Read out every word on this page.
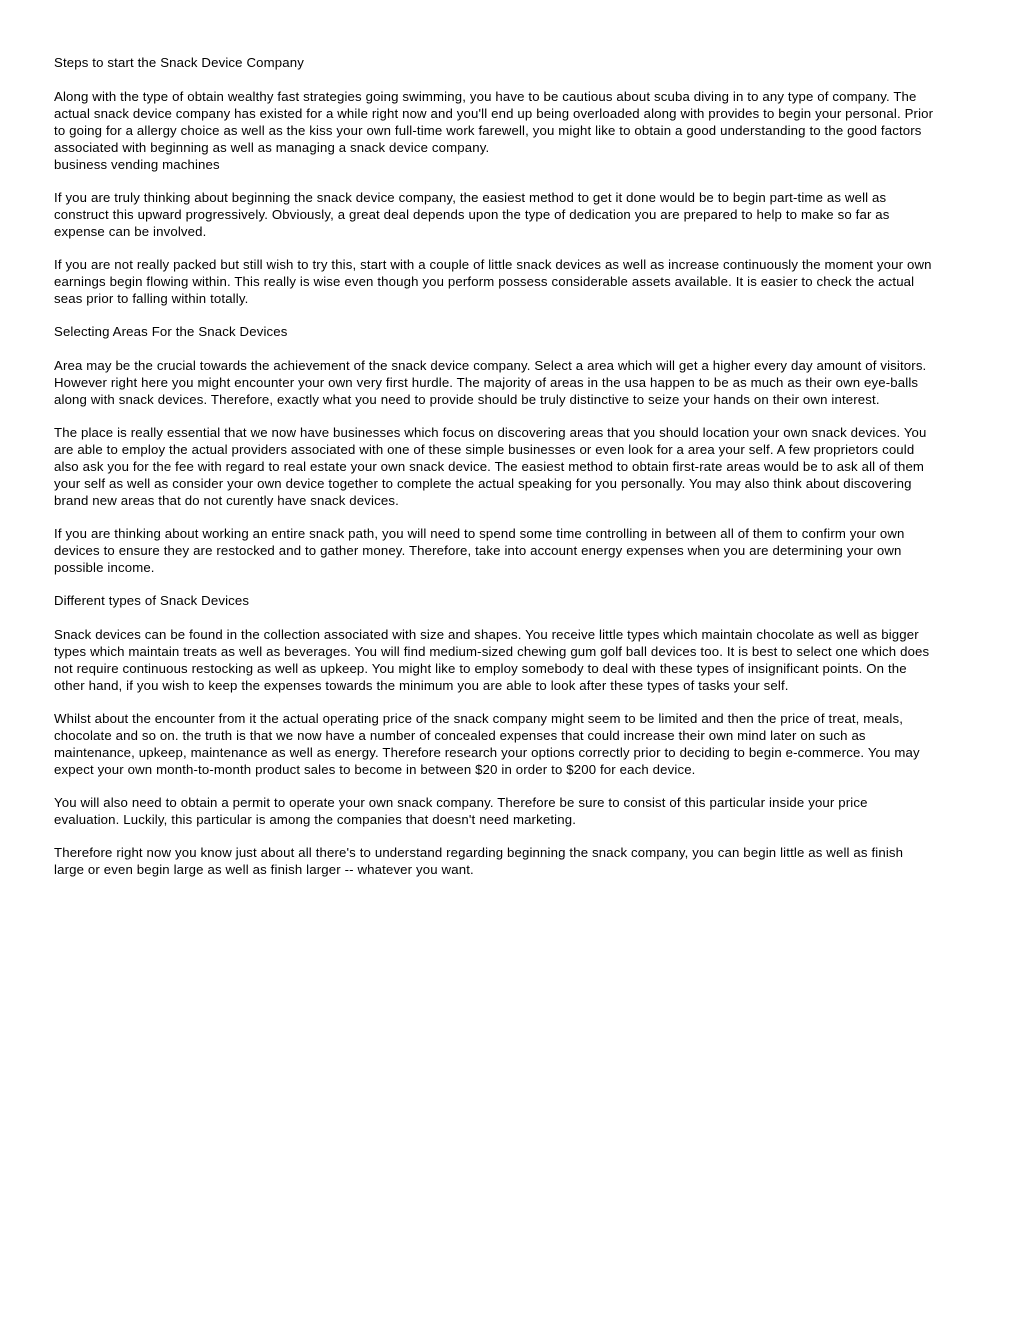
Steps to start the Snack Device Company

Along with the type of obtain wealthy fast strategies going swimming, you have to be cautious about scuba diving in to any type of company. The actual snack device company has existed for a while right now and you'll end up being overloaded along with provides to begin your personal. Prior to going for a allergy choice as well as the kiss your own full-time work farewell, you might like to obtain a good understanding to the good factors associated with beginning as well as managing a snack device company.
business vending machines

If you are truly thinking about beginning the snack device company, the easiest method to get it done would be to begin part-time as well as construct this upward progressively. Obviously, a great deal depends upon the type of dedication you are prepared to help to make so far as expense can be involved.

If you are not really packed but still wish to try this, start with a couple of little snack devices as well as increase continuously the moment your own earnings begin flowing within. This really is wise even though you perform possess considerable assets available. It is easier to check the actual seas prior to falling within totally.

Selecting Areas For the Snack Devices

Area may be the crucial towards the achievement of the snack device company. Select a area which will get a higher every day amount of visitors. However right here you might encounter your own very first hurdle. The majority of areas in the usa happen to be as much as their own eye-balls along with snack devices. Therefore, exactly what you need to provide should be truly distinctive to seize your hands on their own interest.

The place is really essential that we now have businesses which focus on discovering areas that you should location your own snack devices. You are able to employ the actual providers associated with one of these simple businesses or even look for a area your self. A few proprietors could also ask you for the fee with regard to real estate your own snack device. The easiest method to obtain first-rate areas would be to ask all of them your self as well as consider your own device together to complete the actual speaking for you personally. You may also think about discovering brand new areas that do not curently have snack devices.

If you are thinking about working an entire snack path, you will need to spend some time controlling in between all of them to confirm your own devices to ensure they are restocked and to gather money. Therefore, take into account energy expenses when you are determining your own possible income.

Different types of Snack Devices

Snack devices can be found in the collection associated with size and shapes. You receive little types which maintain chocolate as well as bigger types which maintain treats as well as beverages. You will find medium-sized chewing gum golf ball devices too. It is best to select one which does not require continuous restocking as well as upkeep. You might like to employ somebody to deal with these types of insignificant points. On the other hand, if you wish to keep the expenses towards the minimum you are able to look after these types of tasks your self.

Whilst about the encounter from it the actual operating price of the snack company might seem to be limited and then the price of treat, meals, chocolate and so on. the truth is that we now have a number of concealed expenses that could increase their own mind later on such as maintenance, upkeep, maintenance as well as energy. Therefore research your options correctly prior to deciding to begin e-commerce. You may expect your own month-to-month product sales to become in between $20 in order to $200 for each device.

You will also need to obtain a permit to operate your own snack company. Therefore be sure to consist of this particular inside your price evaluation. Luckily, this particular is among the companies that doesn't need marketing.

Therefore right now you know just about all there's to understand regarding beginning the snack company, you can begin little as well as finish large or even begin large as well as finish larger -- whatever you want.
